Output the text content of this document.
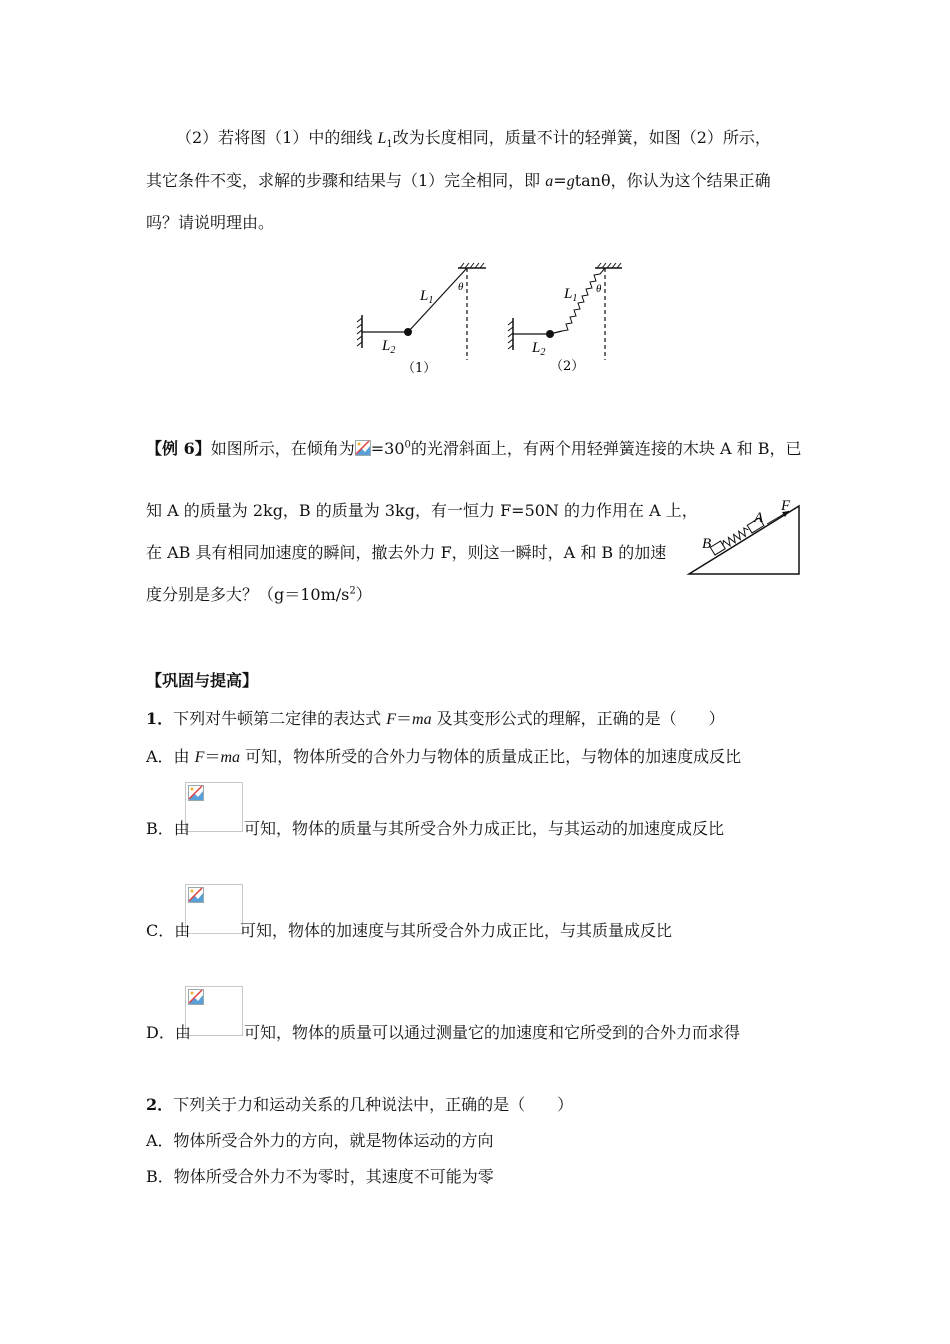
（2）若将图（1）中的细线 $L_1$改为长度相同，质量不计的轻弹簧，如图（2）所示，
其它条件不变，求解的步骤和结果与（1）完全相同，即 a=gtanθ，你认为这个结果正确
吗？请说明理由。
$L_1$
θ
$L_2$
（1）
$L_1$
θ
$L_2$
（2）
【例 6】如图所示，在倾角为 $=30^0$的光滑斜面上，有两个用轻弹簧连接的木块 A 和 B，已
知 A 的质量为 2kg，B 的质量为 3kg，有一恒力 F=50N 的力作用在 A 上，
在 AB 具有相同加速度的瞬间，撤去外力 F，则这一瞬时，A 和 B 的加速
度分别是多大？$(g=10m/s^2)$
B
A
F
【巩固与提高】
1．下列对牛顿第二定律的表达式 F＝ma 及其变形公式的理解，正确的是（　　）
A．由 F＝ma 可知，物体所受的合外力与物体的质量成正比，与物体的加速度成反比
B．由	可知，物体的质量与其所受合外力成正比，与其运动的加速度成反比
C．由	可知，物体的加速度与其所受合外力成正比，与其质量成反比
D．由	可知，物体的质量可以通过测量它的加速度和它所受到的合外力而求得
2．下列关于力和运动关系的几种说法中，正确的是（　　）
A．物体所受合外力的方向，就是物体运动的方向
B．物体所受合外力不为零时，其速度不可能为零
